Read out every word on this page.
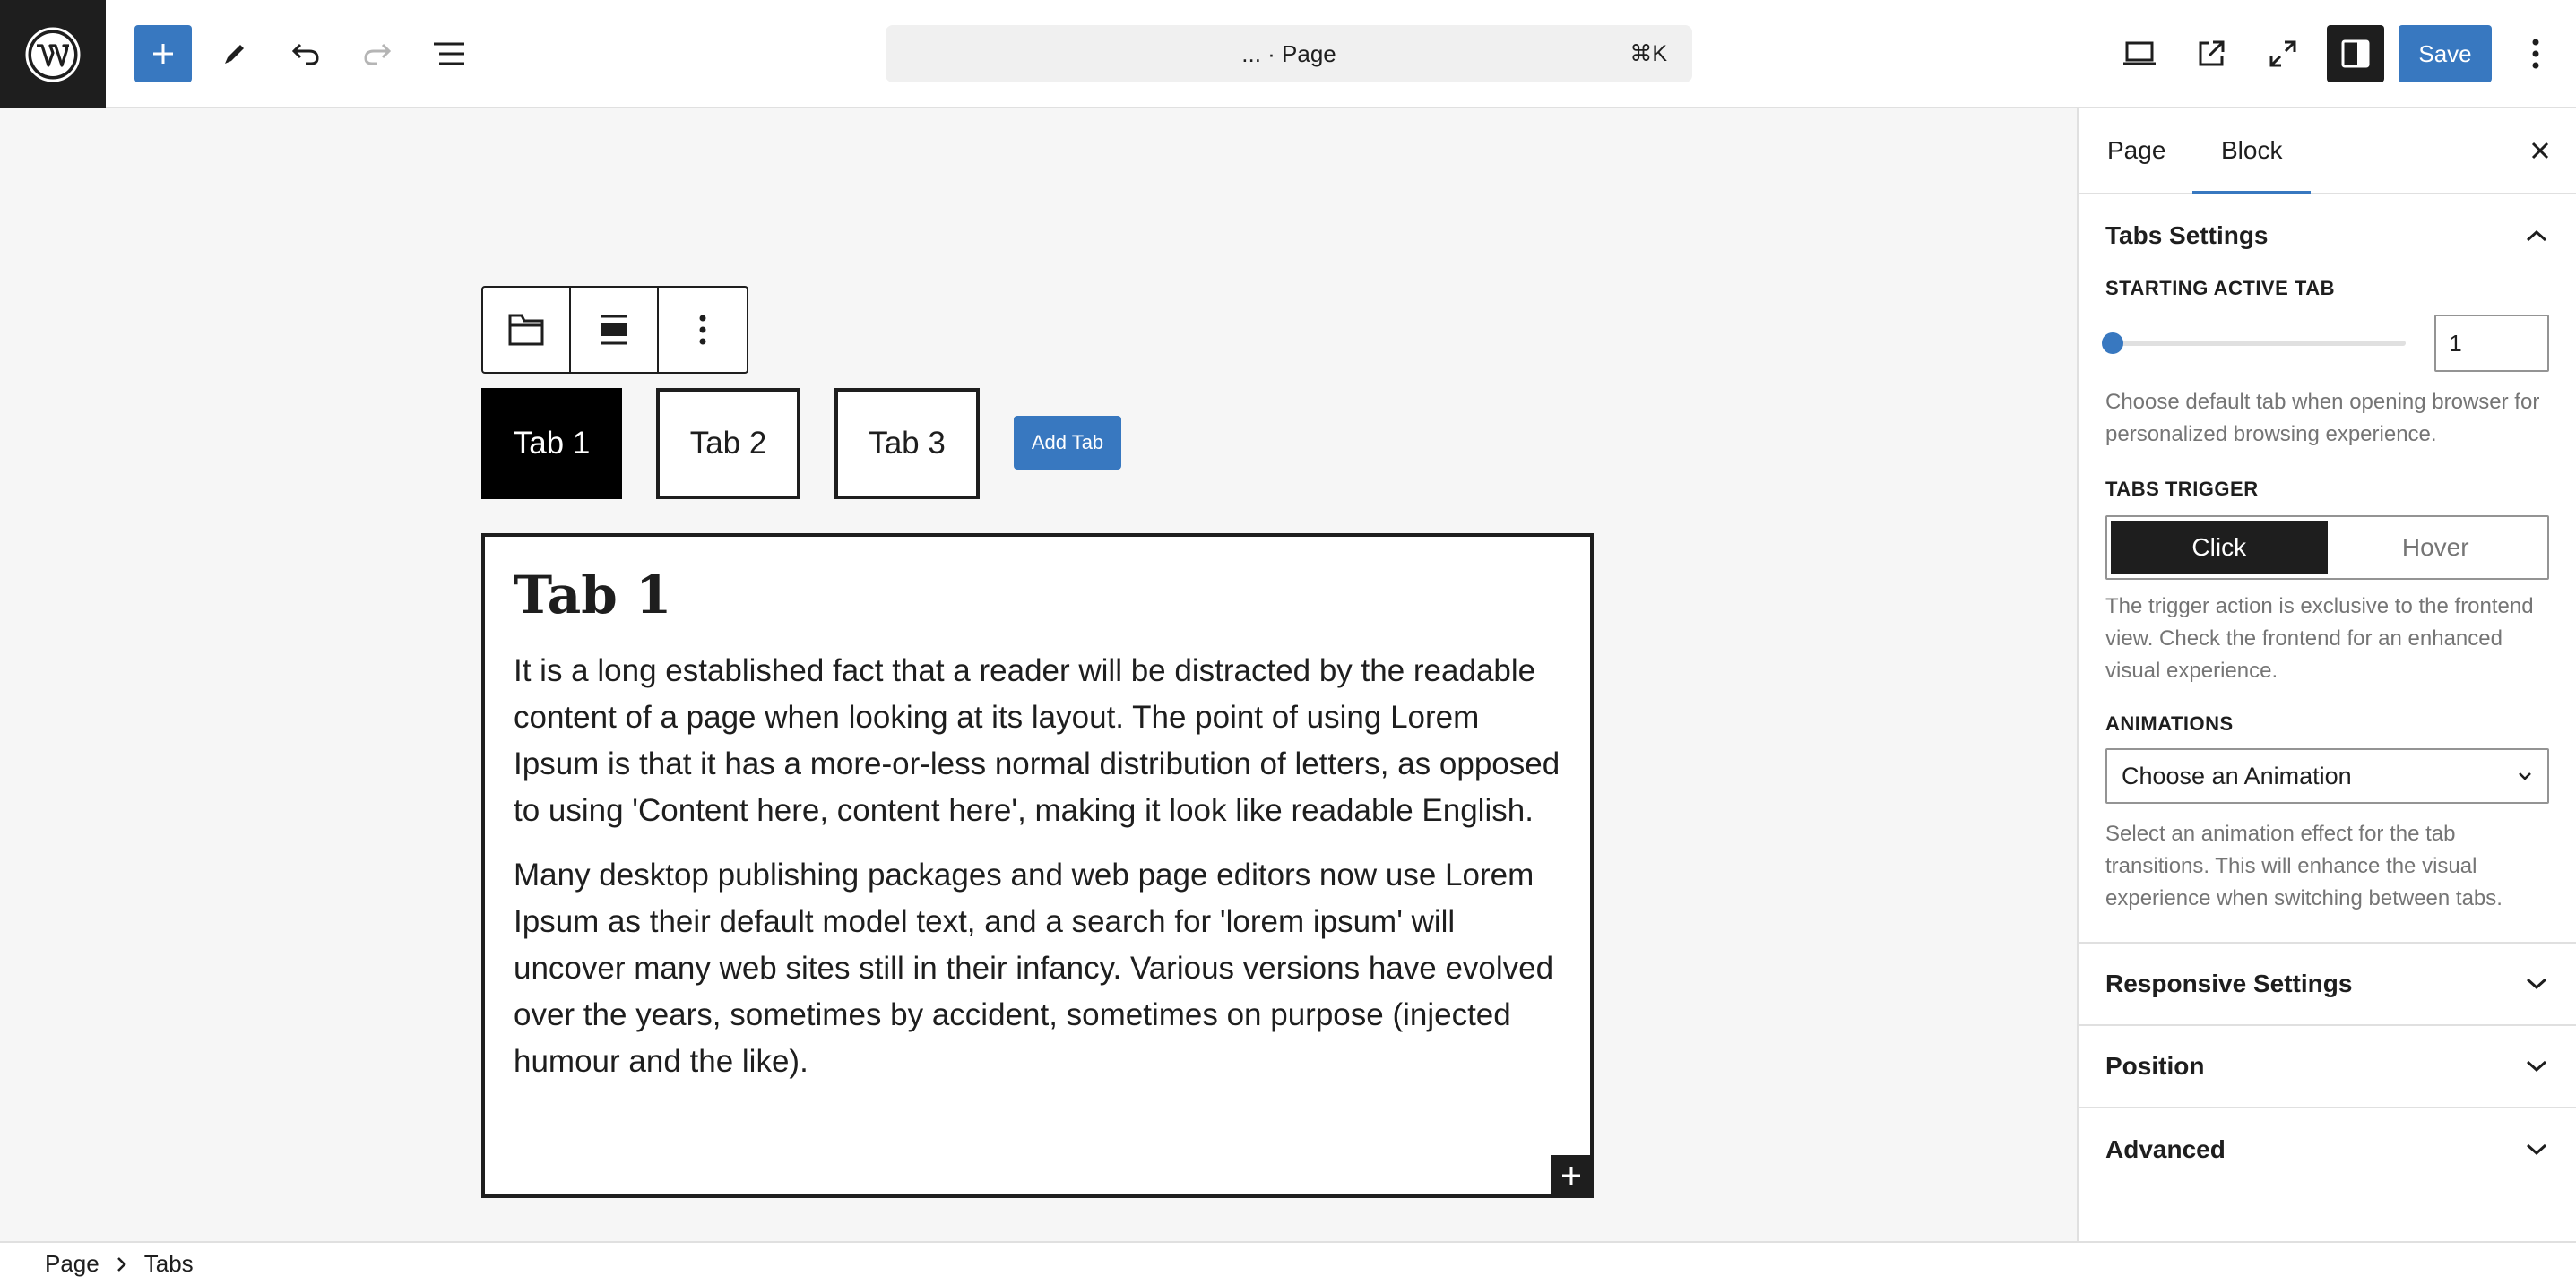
... · Page	⌘K	Save
Tab 1	Tab 2	Tab 3	Add Tab
Tab 1

It is a long established fact that a reader will be distracted by the readable content of a page when looking at its layout. The point of using Lorem Ipsum is that it has a more-or-less normal distribution of letters, as opposed to using 'Content here, content here', making it look like readable English.

Many desktop publishing packages and web page editors now use Lorem Ipsum as their default model text, and a search for 'lorem ipsum' will uncover many web sites still in their infancy. Various versions have evolved over the years, sometimes by accident, sometimes on purpose (injected humour and the like).

Page Block
Tabs Settings
STARTING ACTIVE TAB
1

Choose default tab when opening browser for personalized browsing experience.

TABS TRIGGER
Click	Hover

The trigger action is exclusive to the frontend view. Check the frontend for an enhanced visual experience.

ANIMATIONS
Choose an Animation

Select an animation effect for the tab transitions. This will enhance the visual experience when switching between tabs.

Responsive Settings
Position
Advanced
Page Tabs
